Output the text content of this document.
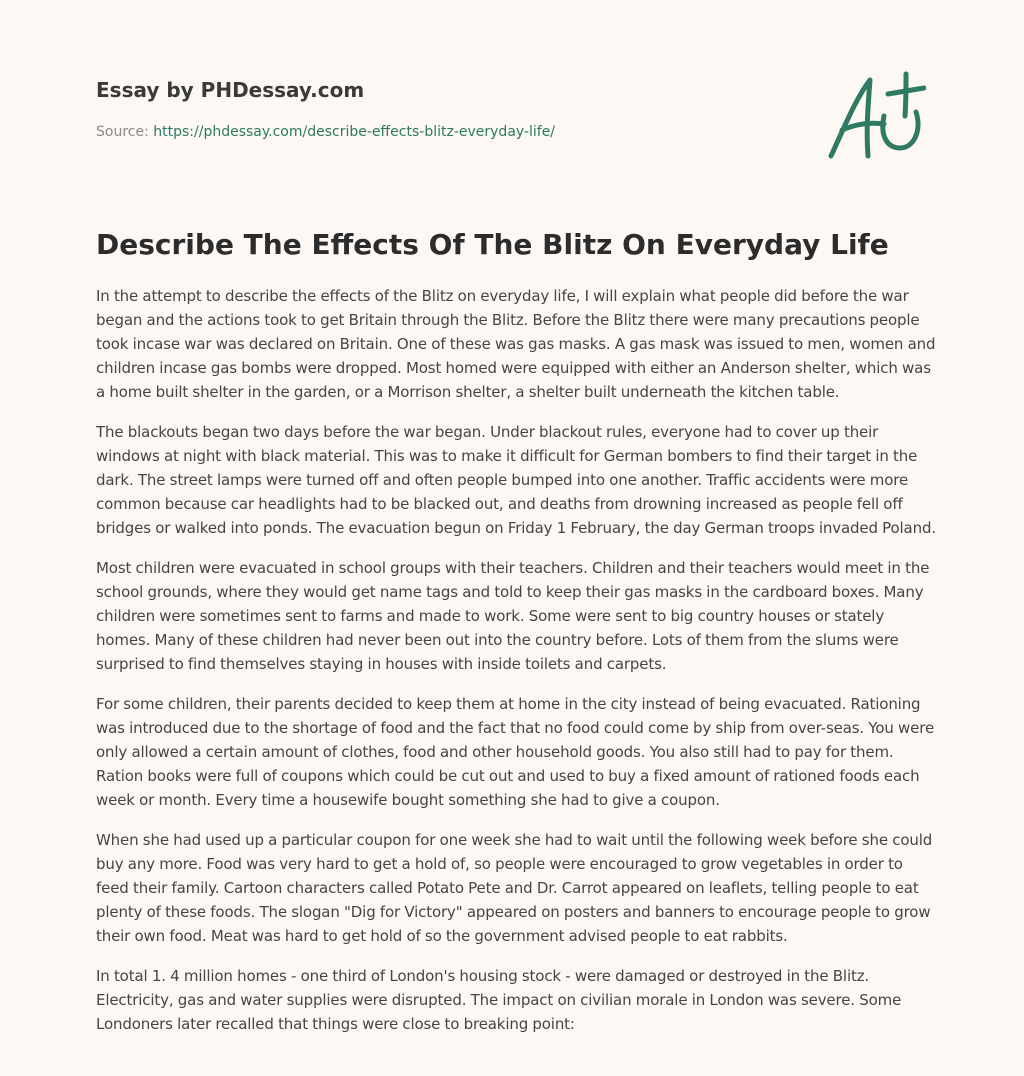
Essay by PHDessay.com
Source: https://phdessay.com/describe-effects-blitz-everyday-life/
Describe The Effects Of The Blitz On Everyday Life

In the attempt to describe the effects of the Blitz on everyday life, I will explain what people did before the war began and the actions took to get Britain through the Blitz. Before the Blitz there were many precautions people took incase war was declared on Britain. One of these was gas masks. A gas mask was issued to men, women and children incase gas bombs were dropped. Most homed were equipped with either an Anderson shelter, which was a home built shelter in the garden, or a Morrison shelter, a shelter built underneath the kitchen table.

The blackouts began two days before the war began. Under blackout rules, everyone had to cover up their windows at night with black material. This was to make it difficult for German bombers to find their target in the dark. The street lamps were turned off and often people bumped into one another. Traffic accidents were more common because car headlights had to be blacked out, and deaths from drowning increased as people fell off bridges or walked into ponds. The evacuation begun on Friday 1 February, the day German troops invaded Poland.

Most children were evacuated in school groups with their teachers. Children and their teachers would meet in the school grounds, where they would get name tags and told to keep their gas masks in the cardboard boxes. Many children were sometimes sent to farms and made to work. Some were sent to big country houses or stately homes. Many of these children had never been out into the country before. Lots of them from the slums were surprised to find themselves staying in houses with inside toilets and carpets.

For some children, their parents decided to keep them at home in the city instead of being evacuated. Rationing was introduced due to the shortage of food and the fact that no food could come by ship from over-seas. You were only allowed a certain amount of clothes, food and other household goods. You also still had to pay for them. Ration books were full of coupons which could be cut out and used to buy a fixed amount of rationed foods each week or month. Every time a housewife bought something she had to give a coupon.

When she had used up a particular coupon for one week she had to wait until the following week before she could buy any more. Food was very hard to get a hold of, so people were encouraged to grow vegetables in order to feed their family. Cartoon characters called Potato Pete and Dr. Carrot appeared on leaflets, telling people to eat plenty of these foods. The slogan "Dig for Victory" appeared on posters and banners to encourage people to grow their own food. Meat was hard to get hold of so the government advised people to eat rabbits.

In total 1. 4 million homes - one third of London's housing stock - were damaged or destroyed in the Blitz. Electricity, gas and water supplies were disrupted. The impact on civilian morale in London was severe. Some Londoners later recalled that things were close to breaking point:
